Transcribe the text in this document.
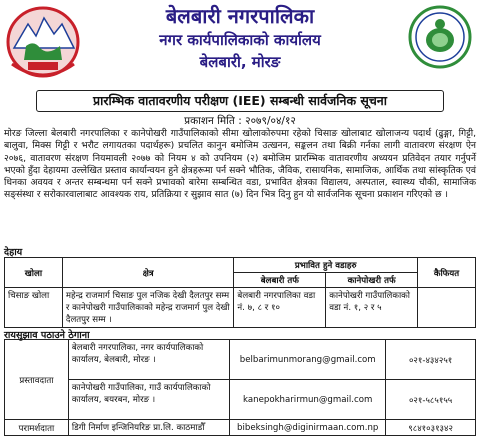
बेलबारी नगरपालिका
नगर कार्यपालिकाको कार्यालय
बेलबारी, मोरङ
प्रारम्भिक वातावरणीय परीक्षण (IEE) सम्बन्धी सार्वजनिक सूचना
प्रकाशन मिति : २०७९/०४/१२
मोरङ जिल्ला बेलबारी नगरपालिका र कानेपोखरी गाउँपालिकाको सीमा खोलाकोरुपमा रहेको चिसाङ खोलाबाट खोलाजन्य पदार्थ (ढुङ्गा, गिट्टी, बालुवा, मिक्स गिट्टी र भरौट लगायतका पदार्थहरू) प्रचलित कानुन बमोजिम उत्खनन, सङ्कलन तथा बिक्री गर्नका लागी वातावरण संरक्षण ऐन २०७६, वातावरण संरक्षण नियमावली २०७७ को नियम ४ को उपनियम (२) बमोजिम प्रारम्भिक वातावरणीय अध्ययन प्रतिवेदन तयार गर्नुपर्ने भएको हुँदा देहायमा उल्लेखित प्रस्ताव कार्यान्वयन हुने क्षेत्रहरूमा पर्न सक्ने भौतिक, जैविक, रासायनिक, सामाजिक, आर्थिक तथा सांस्कृतिक एवं धिनका अवयव र अन्तर सम्बन्धमा पर्न सक्ने प्रभावको बारेमा सम्बन्धित वडा, प्रभावित क्षेत्रका विद्यालय, अस्पताल, स्वास्थ्य चौकी, सामाजिक सङ्संस्था र सरोकारवालाबाट आवश्यक राय, प्रतिक्रिया र सुझाव सात (७) दिन भित्र दिनु हुन यो सार्वजनिक सूचना प्रकाशन गरिएको छ ।
देहाय
खोला	क्षेत्र	प्रभावित हुने वडाहरु		कैफियत
		बेलबारी तर्फ	कानेपोखरी तर्फ	
चिसाङ खोला	महेन्द्र राजमार्ग चिसाङ पुल नजिक देखी दैलतपुर सम्म र कानेपोखरी गाउँपालिकाको महेन्द्र राजमार्ग पुल देखी दैलतपुर सम्म ।	बेलबारी नगरपालिका वडा नं. ७, ८ र १०	कानेपोखरी गाउँपालिकाको वडा नं. १, २ र ५	
रायसुझाव पठाउने ठेगाना
प्रस्तावदाता	बेलबारी नगरपालिका, नगर कार्यपालिकाको कार्यालय, बेलबारी, मोरङ ।	belbarimunmorang@gmail.com	०२१-४३४२५१
	कानेपोखरी गाउँपालिका, गाउँ कार्यपालिकाको कार्यालय, बयरबन, मोरङ ।	kanepokharirmun@gmail.com	०२१-५८५१५५
परामर्शदाता	डिगी निर्माण इन्जिनियरिङ प्रा.लि. काठमाडौँ	bibeksingh@diginirmaan.com.np	९८४१०३१३४२
